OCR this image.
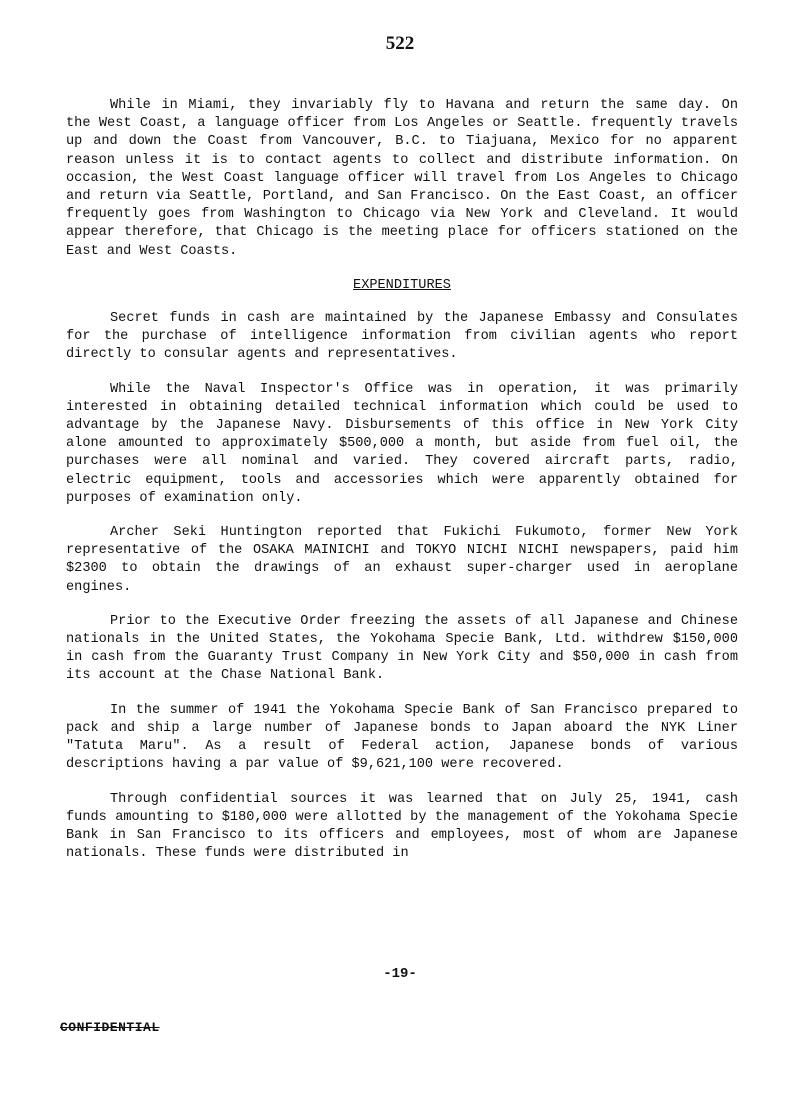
522

While in Miami, they invariably fly to Havana and return the same day. On the West Coast, a language officer from Los Angeles or Seattle. frequently travels up and down the Coast from Vancouver, B.C. to Tiajuana, Mexico for no apparent reason unless it is to contact agents to collect and distribute information. On occasion, the West Coast language officer will travel from Los Angeles to Chicago and return via Seattle, Portland, and San Francisco. On the East Coast, an officer frequently goes from Washington to Chicago via New York and Cleveland. It would appear therefore, that Chicago is the meeting place for officers stationed on the East and West Coasts.

EXPENDITURES

Secret funds in cash are maintained by the Japanese Embassy and Consulates for the purchase of intelligence information from civilian agents who report directly to consular agents and representatives.

While the Naval Inspector's Office was in operation, it was primarily interested in obtaining detailed technical information which could be used to advantage by the Japanese Navy. Disbursements of this office in New York City alone amounted to approximately $500,000 a month, but aside from fuel oil, the purchases were all nominal and varied. They covered aircraft parts, radio, electric equipment, tools and accessories which were apparently obtained for purposes of examination only.

Archer Seki Huntington reported that Fukichi Fukumoto, former New York representative of the OSAKA MAINICHI and TOKYO NICHI NICHI newspapers, paid him $2300 to obtain the drawings of an exhaust super-charger used in aeroplane engines.

Prior to the Executive Order freezing the assets of all Japanese and Chinese nationals in the United States, the Yokohama Specie Bank, Ltd. withdrew $150,000 in cash from the Guaranty Trust Company in New York City and $50,000 in cash from its account at the Chase National Bank.

In the summer of 1941 the Yokohama Specie Bank of San Francisco prepared to pack and ship a large number of Japanese bonds to Japan aboard the NYK Liner "Tatuta Maru". As a result of Federal action, Japanese bonds of various descriptions having a par value of $9,621,100 were recovered.

Through confidential sources it was learned that on July 25, 1941, cash funds amounting to $180,000 were allotted by the management of the Yokohama Specie Bank in San Francisco to its officers and employees, most of whom are Japanese nationals. These funds were distributed in

-19-
CONFIDENTIAL
